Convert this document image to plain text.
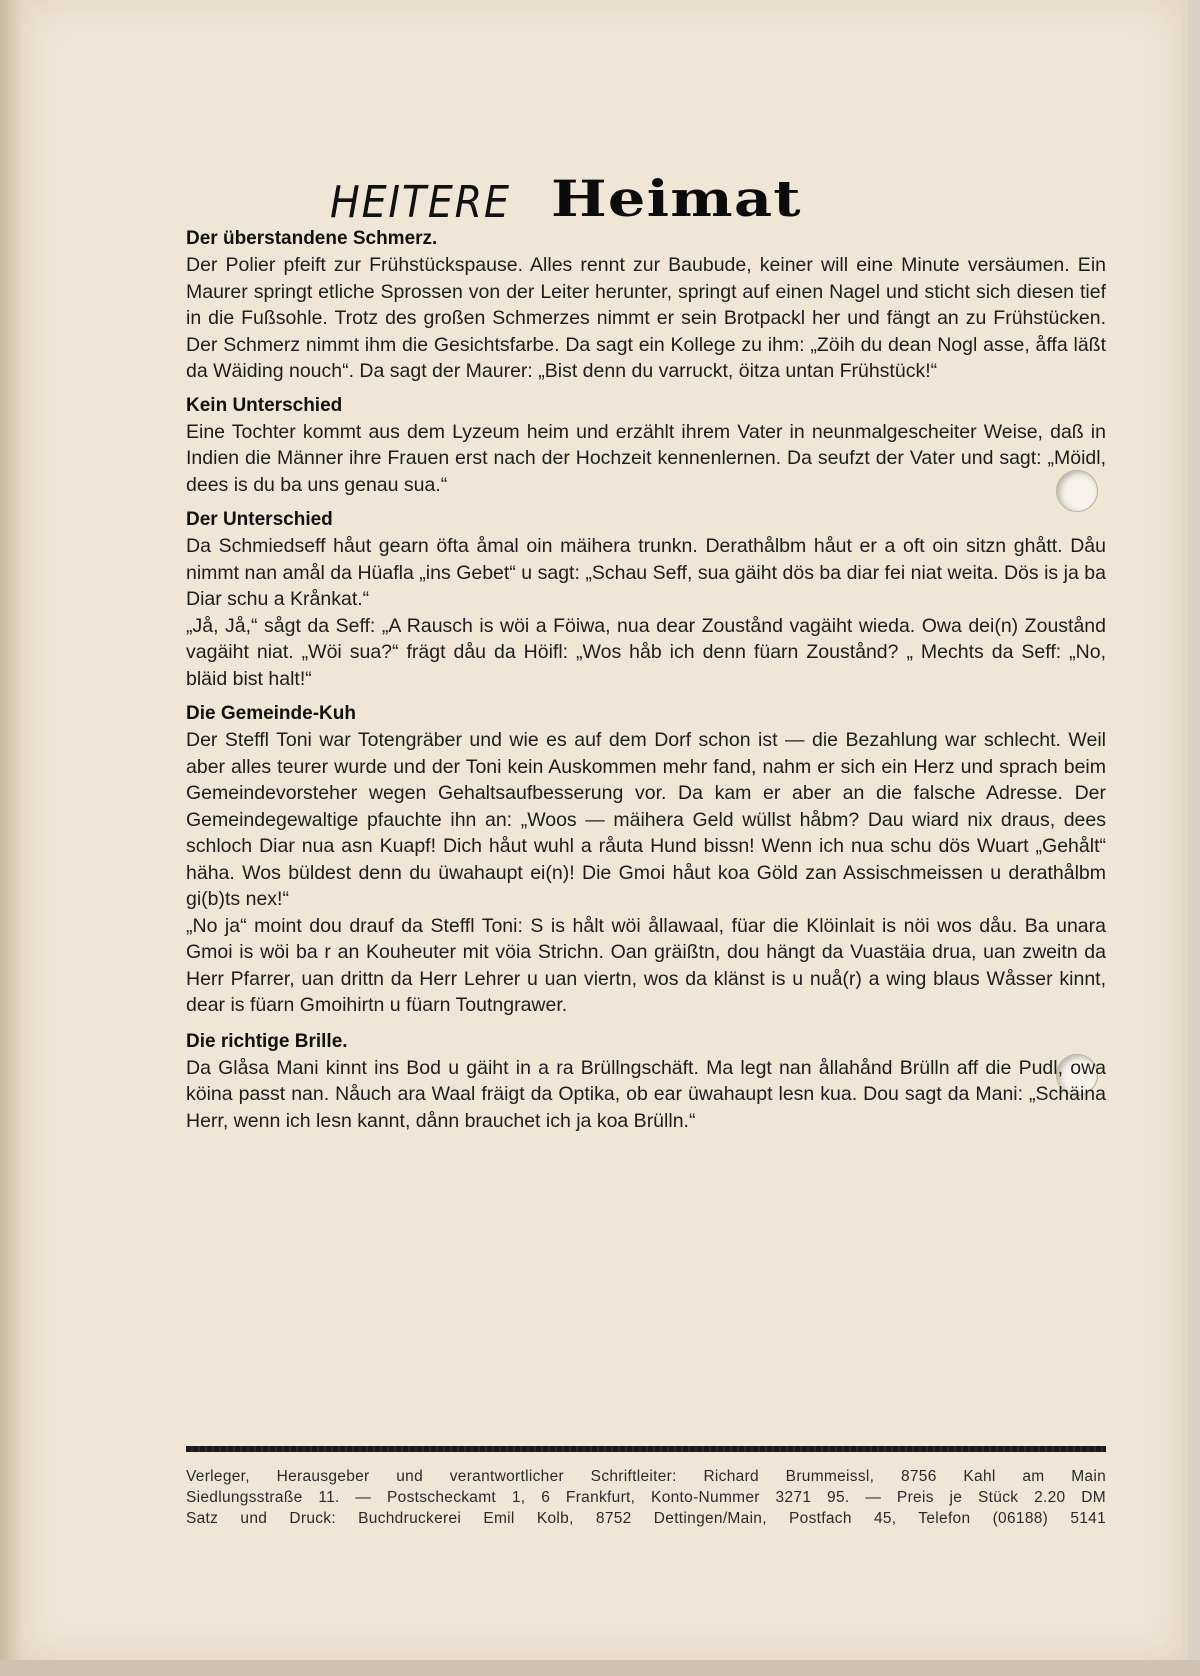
HEITERE Heimat
Der überstandene Schmerz.

Der Polier pfeift zur Frühstückspause. Alles rennt zur Baubude, keiner will eine Minute versäumen. Ein Maurer springt etliche Sprossen von der Leiter herunter, springt auf einen Nagel und sticht sich diesen tief in die Fußsohle. Trotz des großen Schmerzes nimmt er sein Brotpackl her und fängt an zu Frühstücken. Der Schmerz nimmt ihm die Gesichtsfarbe. Da sagt ein Kollege zu ihm: „Zöih du dean Nogl asse, åffa läßt da Wäiding nouch“. Da sagt der Maurer: „Bist denn du varruckt, öitza untan Frühstück!“

Kein Unterschied

Eine Tochter kommt aus dem Lyzeum heim und erzählt ihrem Vater in neunmalgescheiter Weise, daß in Indien die Männer ihre Frauen erst nach der Hochzeit kennenlernen. Da seufzt der Vater und sagt: „Möidl, dees is du ba uns genau sua.“

Der Unterschied

Da Schmiedseff håut gearn öfta åmal oin mäihera trunkn. Derathålbm håut er a oft oin sitzn ghått. Dåu nimmt nan amål da Hüafla „ins Gebet“ u sagt: „Schau Seff, sua gäiht dös ba diar fei niat weita. Dös is ja ba Diar schu a Krånkat.“

„Jå, Jå,“ sågt da Seff: „A Rausch is wöi a Föiwa, nua dear Zoustånd vagäiht wieda. Owa dei(n) Zoustånd vagäiht niat. „Wöi sua?“ frägt dåu da Höifl: „Wos håb ich denn füarn Zoustånd? „ Mechts da Seff: „No, bläid bist halt!“

Die Gemeinde-Kuh

Der Steffl Toni war Totengräber und wie es auf dem Dorf schon ist — die Bezahlung war schlecht. Weil aber alles teurer wurde und der Toni kein Auskommen mehr fand, nahm er sich ein Herz und sprach beim Gemeindevorsteher wegen Gehaltsaufbesserung vor. Da kam er aber an die falsche Adresse. Der Gemeindegewaltige pfauchte ihn an: „Woos — mäihera Geld wüllst håbm? Dau wiard nix draus, dees schloch Diar nua asn Kuapf! Dich håut wuhl a råuta Hund bissn! Wenn ich nua schu dös Wuart „Gehålt“ häha. Wos büldest denn du üwahaupt ei(n)! Die Gmoi håut koa Göld zan Assischmeissen u derathålbm gi(b)ts nex!“

„No ja“ moint dou drauf da Steffl Toni: S is hålt wöi ållawaal, füar die Klöinlait is nöi wos dåu. Ba unara Gmoi is wöi ba r an Kouheuter mit vöia Strichn. Oan gräißtn, dou hängt da Vuastäia drua, uan zweitn da Herr Pfarrer, uan drittn da Herr Lehrer u uan viertn, wos da klänst is u nuå(r) a wing blaus Wåsser kinnt, dear is füarn Gmoihirtn u füarn Toutngrawer.

Die richtige Brille.

Da Glåsa Mani kinnt ins Bod u gäiht in a ra Brüllngschäft. Ma legt nan ållahånd Brülln aff die Pudl, owa köina passt nan. Nåuch ara Waal fräigt da Optika, ob ear üwahaupt lesn kua. Dou sagt da Mani: „Schäina Herr, wenn ich lesn kannt, dånn brauchet ich ja koa Brülln.“

Verleger, Herausgeber und verantwortlicher Schriftleiter: Richard Brummeissl, 8756 Kahl am Main

Siedlungsstraße 11. — Postscheckamt 1, 6 Frankfurt, Konto-Nummer 3271 95. — Preis je Stück 2.20 DM

Satz und Druck: Buchdruckerei Emil Kolb, 8752 Dettingen/Main, Postfach 45, Telefon (06188) 5141
